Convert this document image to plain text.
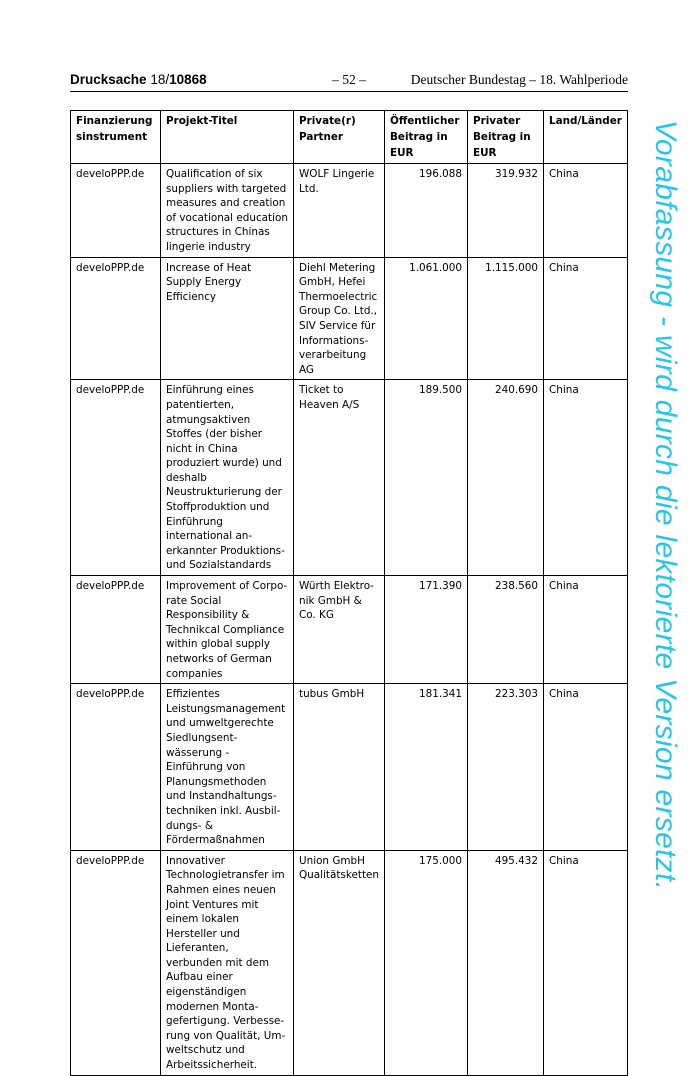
Drucksache 18/10868	– 52 –	Deutscher Bundestag – 18. Wahlperiode
Finanzierungsinstrument	Projekt-Titel	Private(r) Partner	Öffentlicher Beitrag in EUR	Privater Beitrag in EUR	Land/Länder
develoPPP.de	Qualification of six suppliers with targeted measures and creation of vocational education structures in Chinas lingerie industry	WOLF Lingerie Ltd.	196.088	319.932	China
develoPPP.de	Increase of Heat Supply Energy Efficiency	Diehl Metering GmbH, Hefei Thermoelectric Group Co. Ltd., SIV Service für Informationsverarbeitung AG	1.061.000	1.115.000	China
develoPPP.de	Einführung eines patentierten, atmungsaktiven Stoffes (der bisher nicht in China produziert wurde) und deshalb Neustrukturierung der Stoffproduktion und Einführung international anerkannter Produktions- und Sozialstandards	Ticket to Heaven A/S	189.500	240.690	China
develoPPP.de	Improvement of Corporate Social Responsibility & Technikcal Compliance within global supply networks of German companies	Würth Elektronik GmbH & Co. KG	171.390	238.560	China
develoPPP.de	Effizientes Leistungsmanagement und umweltgerechte Siedlungsentwässerung - Einführung von Planungsmethoden und Instandhaltungstechniken inkl. Ausbildungs- & Fördermaßnahmen	tubus GmbH	181.341	223.303	China
develoPPP.de	Innovativer Technologietransfer im Rahmen eines neuen Joint Ventures mit einem lokalen Hersteller und Lieferanten, verbunden mit dem Aufbau einer eigenständigen modernen Montagefertigung. Verbesserung von Qualität, Umweltschutz und Arbeitssicherheit.	Union GmbH Qualitätsketten	175.000	495.432	China Vorabfassung - wird durch die lektorierte Version ersetzt.
